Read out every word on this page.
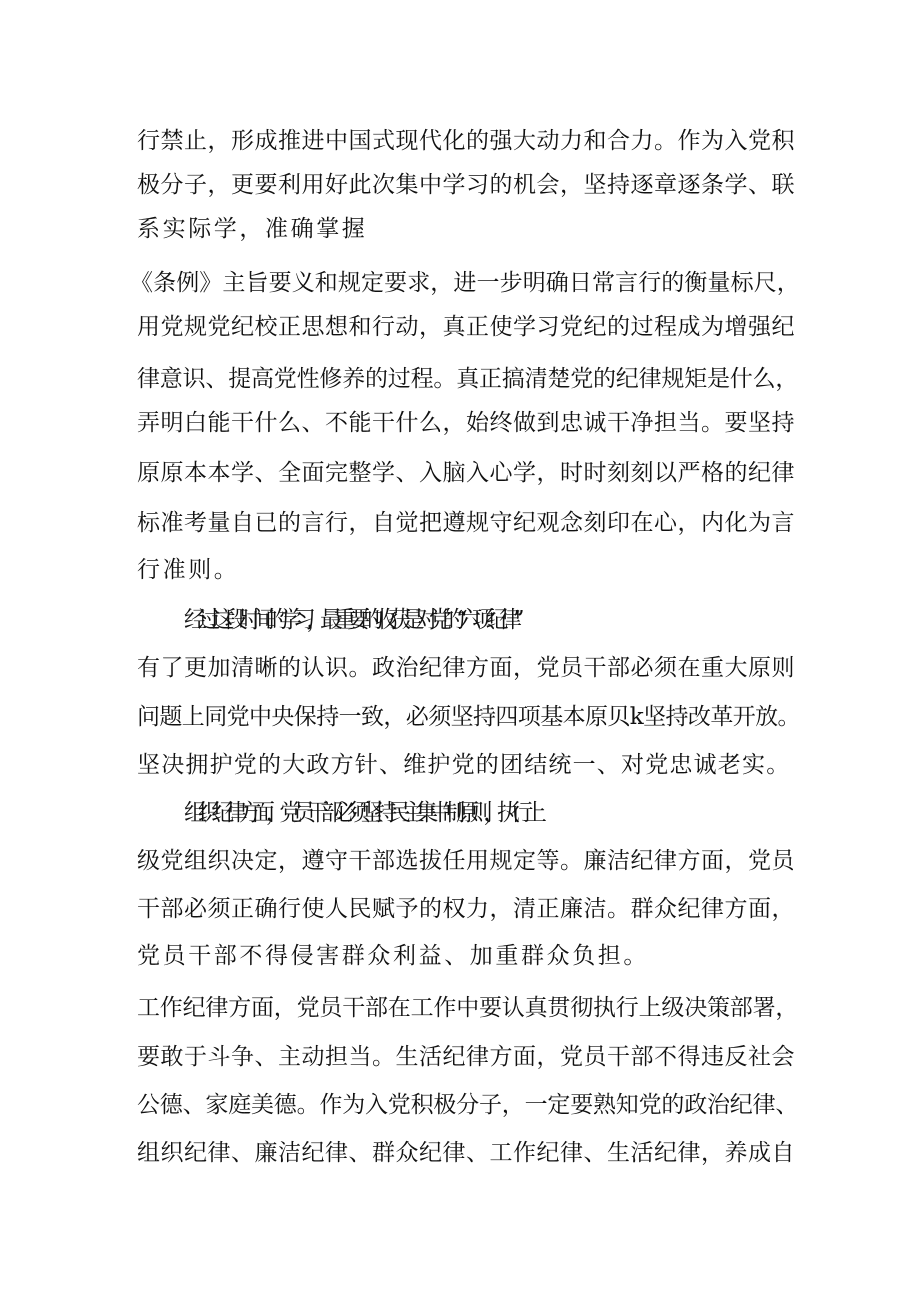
行禁止，形成推进中国式现代化的强大动力和合力。作为入党积
极分子，更要利用好此次集中学习的机会，坚持逐章逐条学、联
系实际学，准确掌握
《条例》主旨要义和规定要求，进一步明确日常言行的衡量标尺，
用党规党纪校正思想和行动，真正使学习党纪的过程成为增强纪
律意识、提高党性修养的过程。真正搞清楚党的纪律规矩是什么，
弄明白能干什么、不能干什么，始终做到忠诚干净担当。要坚持
原原本本学、全面完整学、入脑入心学，时时刻刻以严格的纪律
标准考量自已的言行，自觉把遵规守纪观念刻印在心，内化为言
行准则。
经过这段时间的学习，最重要的收获是对党的“六项纪律”
有了更加清晰的认识。政治纪律方面，党员干部必须在重大原则
问题上同党中央保持一致，必须坚持四项基本原贝k坚持改革开放。
坚决拥护党的大政方针、维护党的团结统一、对党忠诚老实。
组织纪律方面，党员干部必须坚持民主集中制原则，执行上
级党组织决定，遵守干部选拔任用规定等。廉洁纪律方面，党员
干部必须正确行使人民赋予的权力，清正廉洁。群众纪律方面，
党员干部不得侵害群众利益、加重群众负担。
工作纪律方面，党员干部在工作中要认真贯彻执行上级决策部署，
要敢于斗争、主动担当。生活纪律方面，党员干部不得违反社会
公德、家庭美德。作为入党积极分子，一定要熟知党的政治纪律、
组织纪律、廉洁纪律、群众纪律、工作纪律、生活纪律，养成自
